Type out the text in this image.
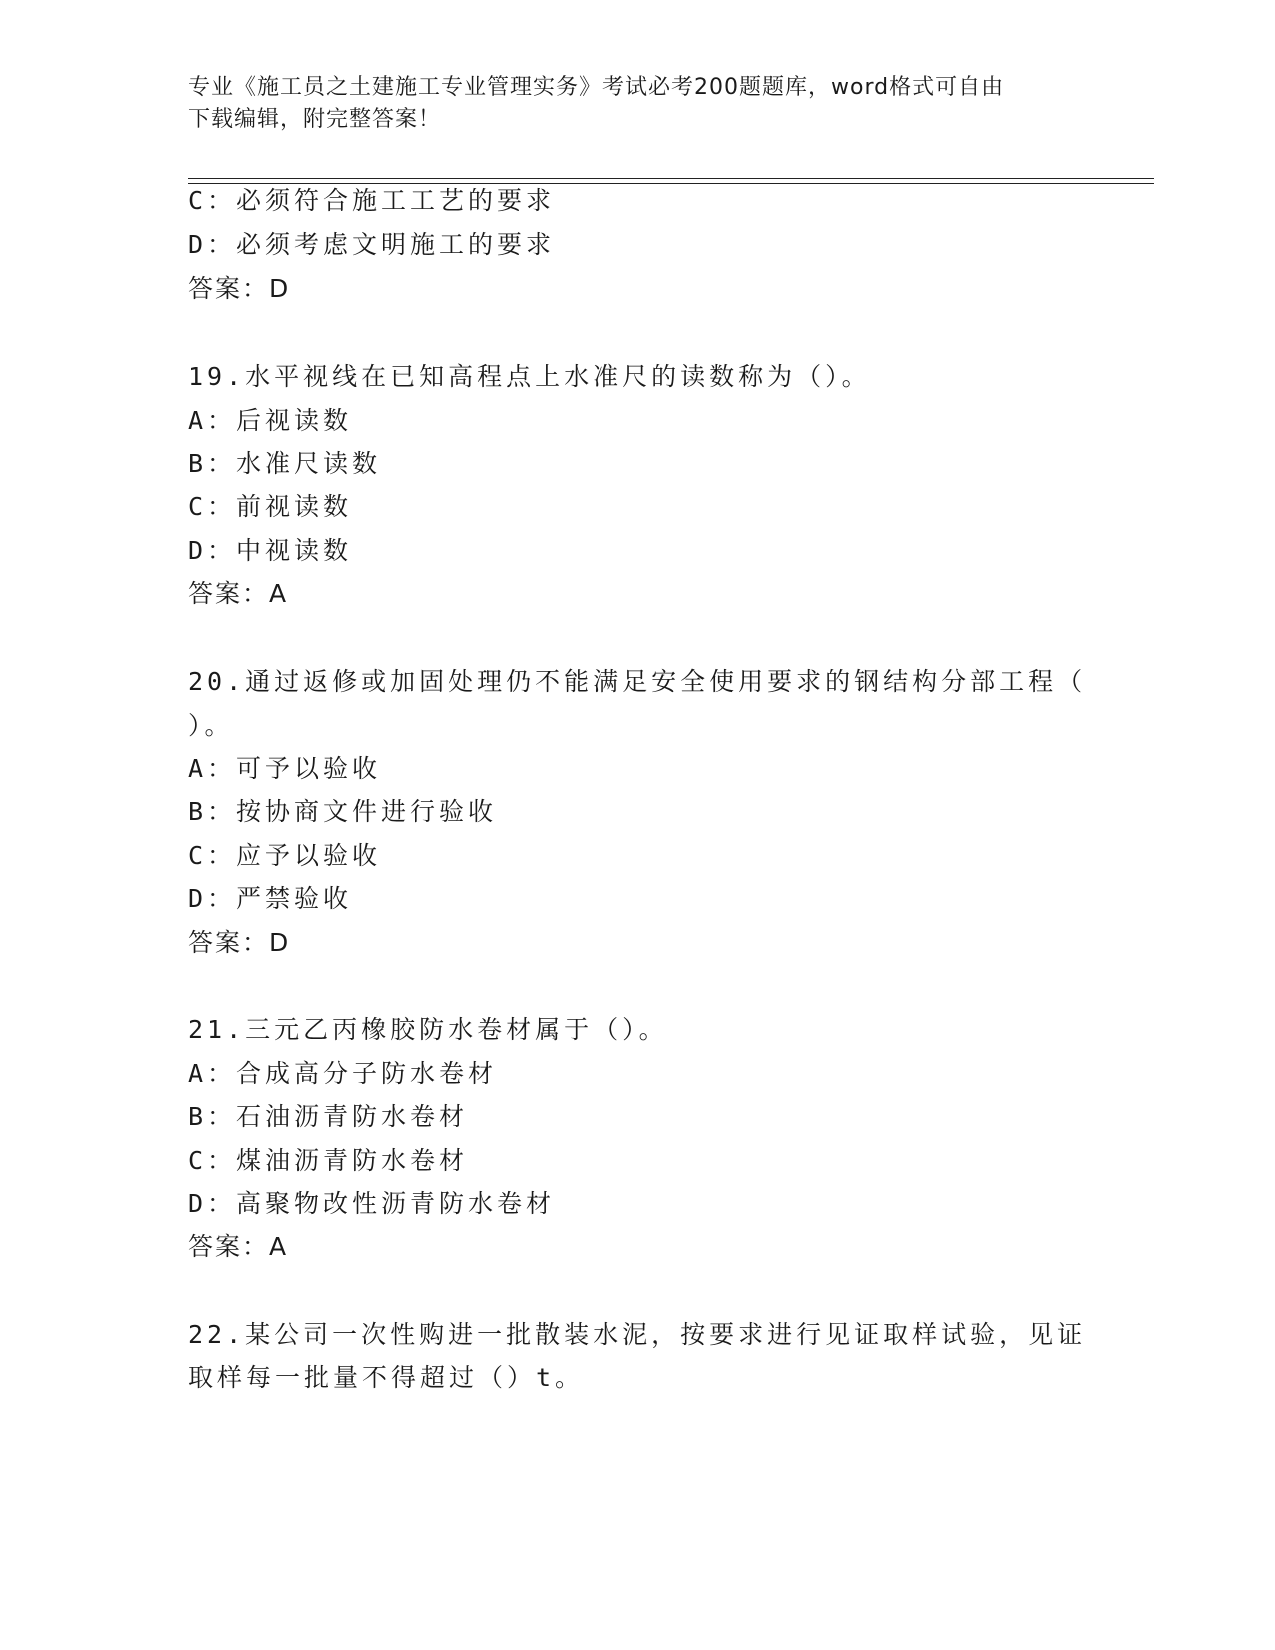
专业《施工员之土建施工专业管理实务》考试必考200题题库，word格式可自由
下载编辑，附完整答案！
C：必须符合施工工艺的要求
D：必须考虑文明施工的要求
答案：D
19.水平视线在已知高程点上水准尺的读数称为（）。
A：后视读数
B：水准尺读数
C：前视读数
D：中视读数
答案：A
20.通过返修或加固处理仍不能满足安全使用要求的钢结构分部工程（
）。
A：可予以验收
B：按协商文件进行验收
C：应予以验收
D：严禁验收
答案：D
21.三元乙丙橡胶防水卷材属于（）。
A：合成高分子防水卷材
B：石油沥青防水卷材
C：煤油沥青防水卷材
D：高聚物改性沥青防水卷材
答案：A
22.某公司一次性购进一批散装水泥，按要求进行见证取样试验，见证
取样每一批量不得超过（）t。
